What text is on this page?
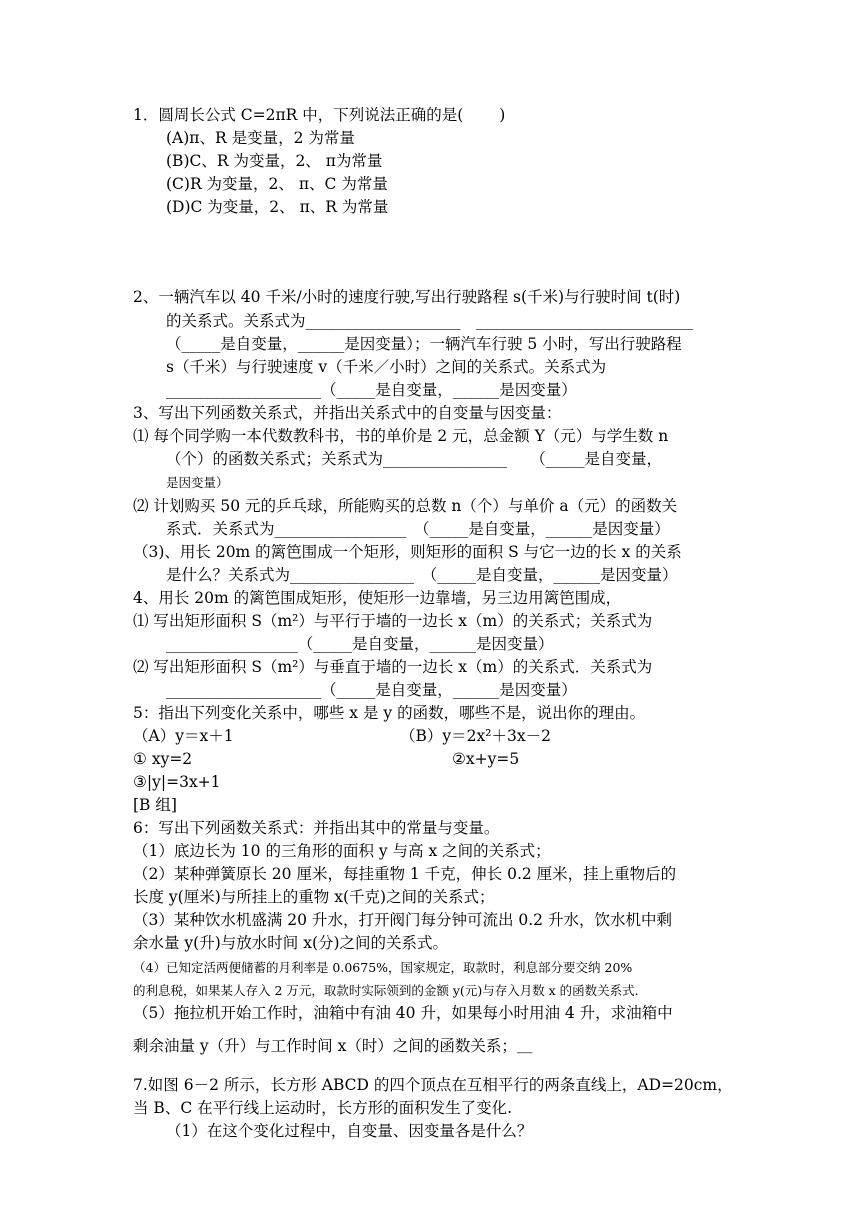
1．圆周长公式 C=2πR 中，下列说法正确的是(　　 )
(A)π、R 是变量，2 为常量
(B)C、R 为变量，2、 π为常量
(C)R 为变量，2、 π、C 为常量
(D)C 为变量，2、 π、R 为常量
2、一辆汽车以 40 千米/小时的速度行驶,写出行驶路程 s(千米)与行驶时间 t(时)
的关系式。关系式为____________________　____________________________
（_____是自变量，______是因变量）；一辆汽车行驶 5 小时，写出行驶路程
s（千米）与行驶速度 v（千米／小时）之间的关系式。关系式为
____________________（_____是自变量，______是因变量）
3、写出下列函数关系式，并指出关系式中的自变量与因变量：
⑴ 每个同学购一本代数教科书，书的单价是 2 元，总金额 Y（元）与学生数 n
（个）的函数关系式；关系式为________________　　（_____是自变量，
是因变量）
⑵ 计划购买 50 元的乒乓球，所能购买的总数 n（个）与单价 a（元）的函数关
系式．关系式为_________________　（_____是自变量，______是因变量）
（3)、用长 20m 的篱笆围成一个矩形，则矩形的面积 S 与它一边的长 x 的关系
是什么？关系式为________________　（_____是自变量，______是因变量）
4、用长 20m 的篱笆围成矩形，使矩形一边靠墙，另三边用篱笆围成，
⑴ 写出矩形面积 S（m²）与平行于墙的一边长 x（m）的关系式；关系式为
_________________（_____是自变量，______是因变量）
⑵ 写出矩形面积 S（m²）与垂直于墙的一边长 x（m）的关系式．关系式为
____________________（_____是自变量，______是因变量）
5：指出下列变化关系中，哪些 x 是 y 的函数，哪些不是，说出你的理由。
（A）y＝x＋1	（B）y＝2x²＋3x－2
① xy=2	②x+y=5
③|y|=3x+1
[B 组]
6：写出下列函数关系式：并指出其中的常量与变量。
（1）底边长为 10 的三角形的面积 y 与高 x 之间的关系式；
（2）某种弹簧原长 20 厘米，每挂重物 1 千克，伸长 0.2 厘米，挂上重物后的
长度 y(厘米)与所挂上的重物 x(千克)之间的关系式；
（3）某种饮水机盛满 20 升水，打开阀门每分钟可流出 0.2 升水，饮水机中剩
余水量 y(升)与放水时间 x(分)之间的关系式。
（4）已知定活两便储蓄的月利率是 0.0675%，国家规定，取款时，利息部分要交纳 20%
的利息税，如果某人存入 2 万元，取款时实际领到的金额 y(元)与存入月数 x 的函数关系式.
（5）拖拉机开始工作时，油箱中有油 40 升，如果每小时用油 4 升，求油箱中
剩余油量 y（升）与工作时间 x（时）之间的函数关系；＿
7.如图 6－2 所示，长方形 ABCD 的四个顶点在互相平行的两条直线上，AD=20cm，
当 B、C 在平行线上运动时，长方形的面积发生了变化.
（1）在这个变化过程中，自变量、因变量各是什么？
